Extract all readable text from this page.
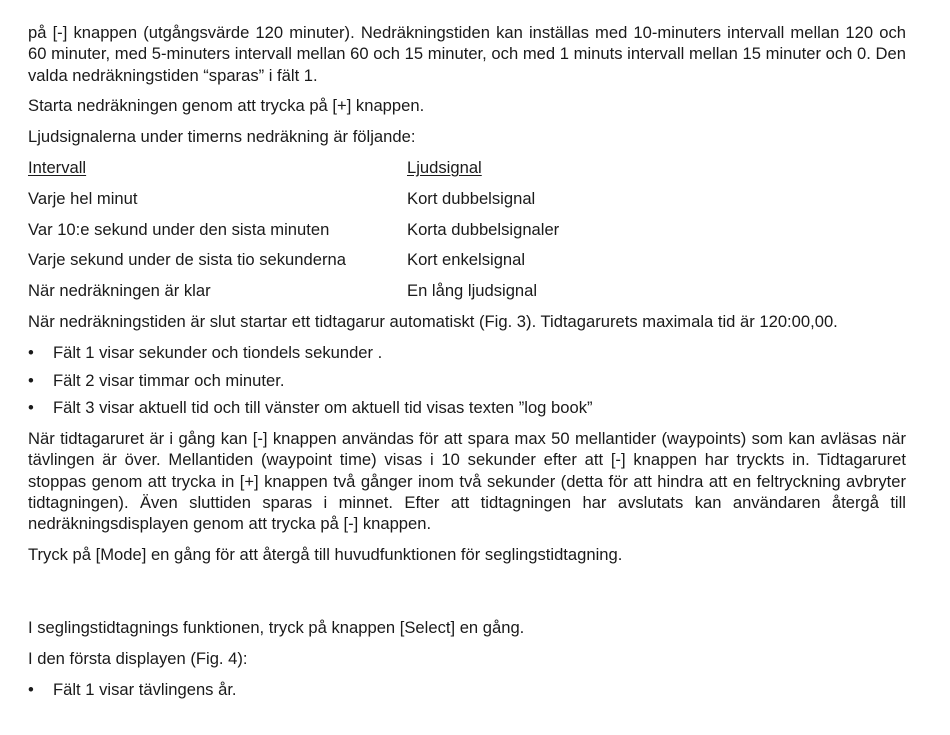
på [-] knappen (utgångsvärde 120 minuter). Nedräkningstiden kan inställas med 10-minuters intervall mellan 120 och 60 minuter, med 5-minuters intervall mellan 60 och 15 minuter, och med 1 minuts intervall mellan 15 minuter och 0. Den valda nedräkningstiden “sparas” i fält 1.

Starta nedräkningen genom att trycka på [+] knappen.

Ljudsignalerna under timerns nedräkning är följande:

Intervall	Ljudsignal
Varje hel minut	Kort dubbelsignal
Var 10:e sekund under den sista minuten	Korta dubbelsignaler
Varje sekund under de sista tio sekunderna	Kort enkelsignal
När nedräkningen är klar	En lång ljudsignal

När nedräkningstiden är slut startar ett tidtagarur automatiskt (Fig. 3). Tidtagarurets maximala tid är 120:00,00.

•	Fält 1 visar sekunder och tiondels sekunder .
•	Fält 2 visar timmar och minuter.
•	Fält 3 visar aktuell tid och till vänster om aktuell tid visas texten ”log book”

När tidtagaruret är i gång kan [-] knappen användas för att spara max 50 mellantider (waypoints) som kan avläsas när tävlingen är över. Mellantiden (waypoint time) visas i 10 sekunder efter att [-] knappen har tryckts in. Tidtagaruret stoppas genom att trycka in [+] knappen två gånger inom två sekunder (detta för att hindra att en feltryckning avbryter tidtagningen). Även sluttiden sparas i minnet. Efter att tidtagningen har avslutats kan användaren återgå till nedräkningsdisplayen genom att trycka på [-] knappen.

Tryck på [Mode] en gång för att återgå till huvudfunktionen för seglingstidtagning.

I seglingstidtagnings funktionen, tryck på knappen [Select] en gång.

I den första displayen (Fig. 4):

•	Fält 1 visar tävlingens år.
